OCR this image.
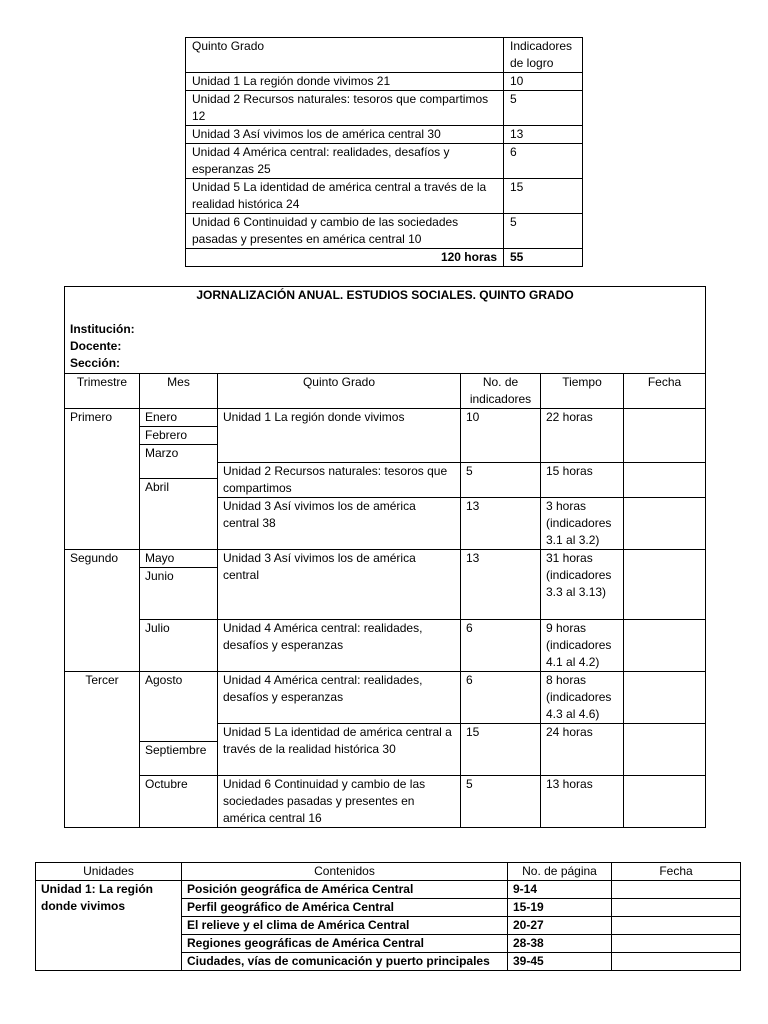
Quinto Grado	Indicadores de logro
Unidad 1 La región donde vivimos 21	10
Unidad 2 Recursos naturales: tesoros que compartimos 12	5
Unidad 3 Así vivimos los de américa central 30	13
Unidad 4 América central: realidades, desafíos y esperanzas 25	6
Unidad 5 La identidad de américa central a través de la realidad histórica 24	15
Unidad 6 Continuidad y cambio de las sociedades pasadas y presentes en américa central 10	5
120 horas	55
JORNALIZACIÓN ANUAL. ESTUDIOS SOCIALES. QUINTO GRADO
Institución:
Docente:
Sección:					

Trimestre	Mes	Quinto Grado	No. de indicadores	Tiempo	Fecha
Primero	Enero	Unidad 1 La región donde vivimos	10	22 horas	
	Febrero				
	Marzo				
		Unidad 2 Recursos naturales: tesoros que compartimos	5	15 horas	
	Abril				
		Unidad 3 Así vivimos los de américa central 38	13	3 horas (indicadores 3.1 al 3.2)	
Segundo	Mayo	Unidad 3 Así vivimos los de américa central	13	31 horas (indicadores 3.3 al 3.13)	
	Junio				
	Julio	Unidad 4 América central: realidades, desafíos y esperanzas	6	9 horas (indicadores 4.1 al 4.2)	
Tercer	Agosto	Unidad 4 América central: realidades, desafíos y esperanzas	6	8 horas (indicadores 4.3 al 4.6)	
		Unidad 5 La identidad de américa central a través de la realidad histórica 30	15	24 horas	
	Septiembre				
	Octubre	Unidad 6 Continuidad y cambio de las sociedades pasadas y presentes en américa central 16	5	13 horas	
Unidades	Contenidos	No. de página	Fecha
Unidad 1: La región donde vivimos	Posición geográfica de América Central	9-14	
	Perfil geográfico de América Central	15-19	
	El relieve y el clima de América Central	20-27	
	Regiones geográficas de América Central	28-38	
	Ciudades, vías de comunicación y puerto principales	39-45	
